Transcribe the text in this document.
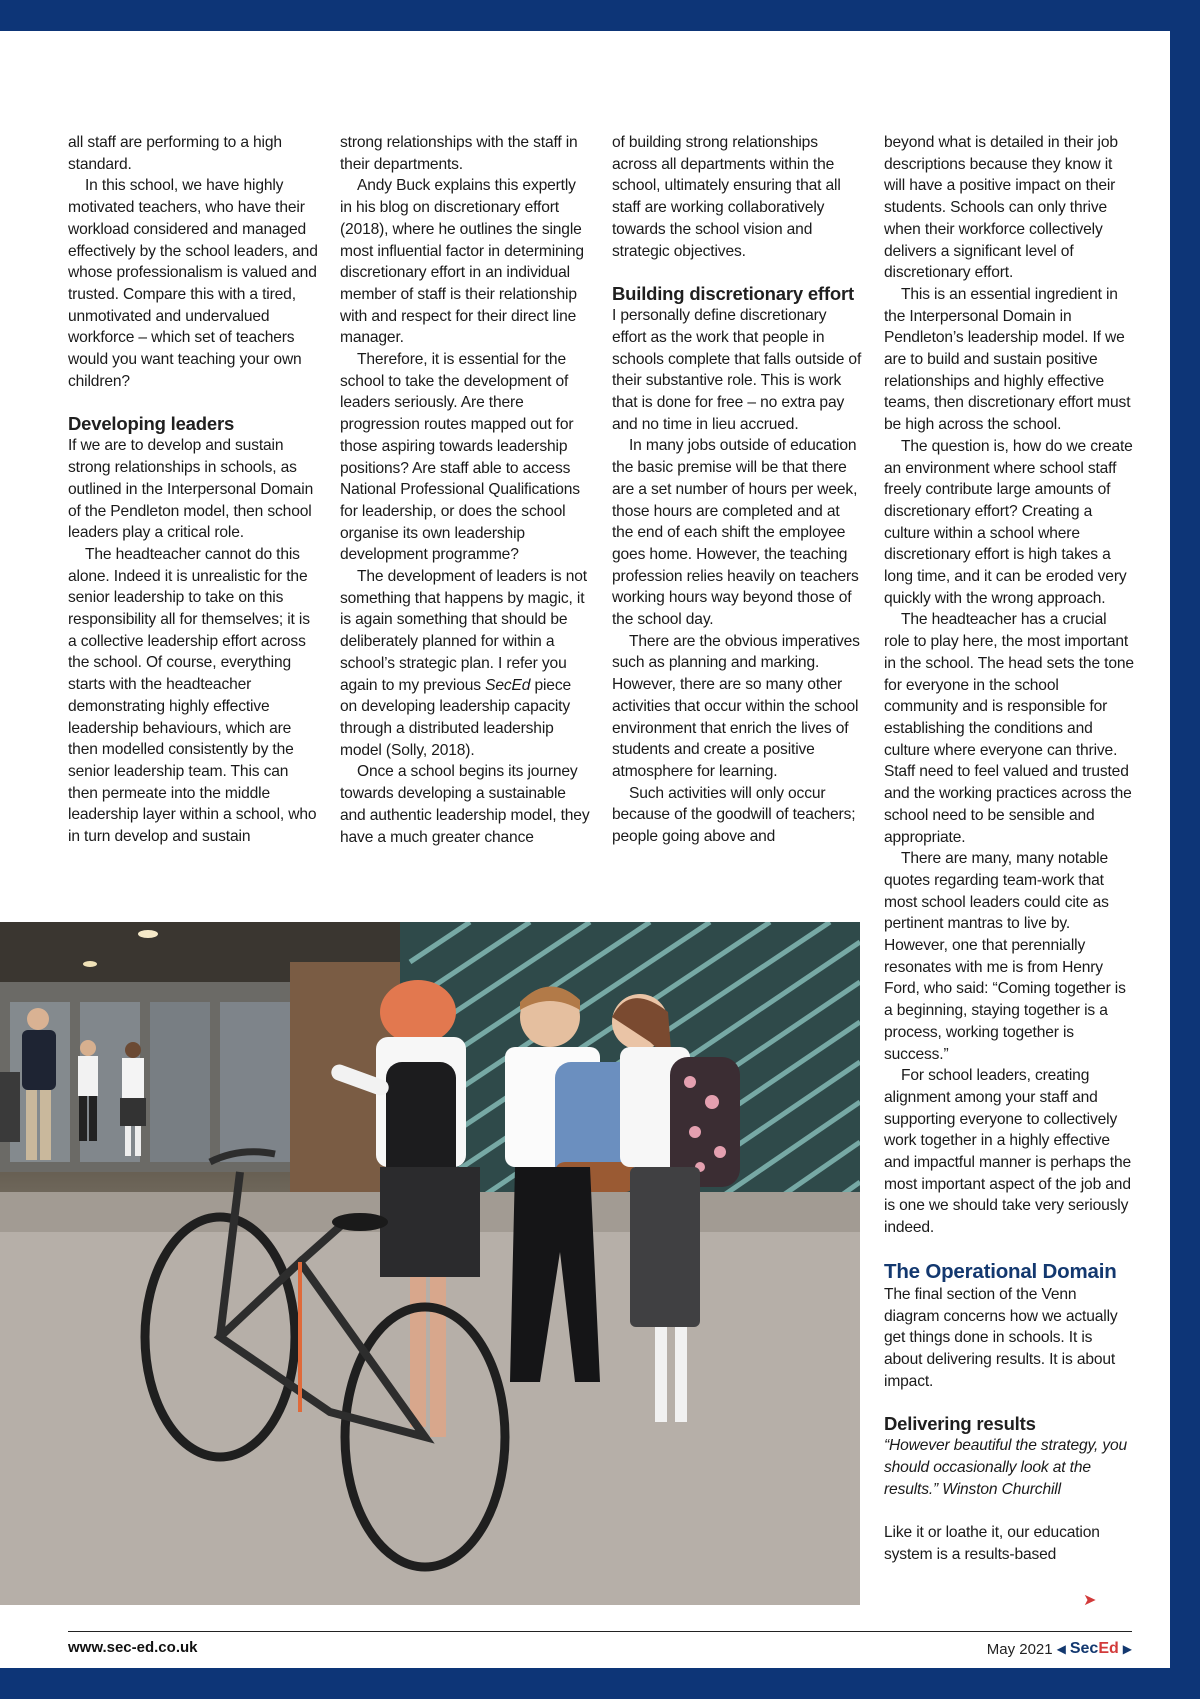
all staff are performing to a high standard.

In this school, we have highly motivated teachers, who have their workload considered and managed effectively by the school leaders, and whose professionalism is valued and trusted. Compare this with a tired, unmotivated and undervalued workforce – which set of teachers would you want teaching your own children?

Developing leaders

If we are to develop and sustain strong relationships in schools, as outlined in the Interpersonal Domain of the Pendleton model, then school leaders play a critical role.

The headteacher cannot do this alone. Indeed it is unrealistic for the senior leadership to take on this responsibility all for themselves; it is a collective leadership effort across the school. Of course, everything starts with the headteacher demonstrating highly effective leadership behaviours, which are then modelled consistently by the senior leadership team. This can then permeate into the middle leadership layer within a school, who in turn develop and sustain

strong relationships with the staff in their departments.

Andy Buck explains this expertly in his blog on discretionary effort (2018), where he outlines the single most influential factor in determining discretionary effort in an individual member of staff is their relationship with and respect for their direct line manager.

Therefore, it is essential for the school to take the development of leaders seriously. Are there progression routes mapped out for those aspiring towards leadership positions? Are staff able to access National Professional Qualifications for leadership, or does the school organise its own leadership development programme?

The development of leaders is not something that happens by magic, it is again something that should be deliberately planned for within a school’s strategic plan. I refer you again to my previous SecEd piece on developing leadership capacity through a distributed leadership model (Solly, 2018).

Once a school begins its journey towards developing a sustainable and authentic leadership model, they have a much greater chance

of building strong relationships across all departments within the school, ultimately ensuring that all staff are working collaboratively towards the school vision and strategic objectives.

Building discretionary effort

I personally define discretionary effort as the work that people in schools complete that falls outside of their substantive role. This is work that is done for free – no extra pay and no time in lieu accrued.

In many jobs outside of education the basic premise will be that there are a set number of hours per week, those hours are completed and at the end of each shift the employee goes home. However, the teaching profession relies heavily on teachers working hours way beyond those of the school day.

There are the obvious imperatives such as planning and marking. However, there are so many other activities that occur within the school environment that enrich the lives of students and create a positive atmosphere for learning.

Such activities will only occur because of the goodwill of teachers; people going above and

beyond what is detailed in their job descriptions because they know it will have a positive impact on their students. Schools can only thrive when their workforce collectively delivers a significant level of discretionary effort.

This is an essential ingredient in the Interpersonal Domain in Pendleton’s leadership model. If we are to build and sustain positive relationships and highly effective teams, then discretionary effort must be high across the school.

The question is, how do we create an environment where school staff freely contribute large amounts of discretionary effort? Creating a culture within a school where discretionary effort is high takes a long time, and it can be eroded very quickly with the wrong approach.

The headteacher has a crucial role to play here, the most important in the school. The head sets the tone for everyone in the school community and is responsible for establishing the conditions and culture where everyone can thrive. Staff need to feel valued and trusted and the working practices across the school need to be sensible and appropriate.

There are many, many notable quotes regarding team-work that most school leaders could cite as pertinent mantras to live by. However, one that perennially resonates with me is from Henry Ford, who said: “Coming together is a beginning, staying together is a process, working together is success.”

For school leaders, creating alignment among your staff and supporting everyone to collectively work together in a highly effective and impactful manner is perhaps the most important aspect of the job and is one we should take very seriously indeed.

The Operational Domain

The final section of the Venn diagram concerns how we actually get things done in schools. It is about delivering results. It is about impact.

Delivering results

“However beautiful the strategy, you should occasionally look at the results.” Winston Churchill

Like it or loathe it, our education system is a results-based

➤
www.sec-ed.co.uk	May 2021 ◀ SecEd ▶
